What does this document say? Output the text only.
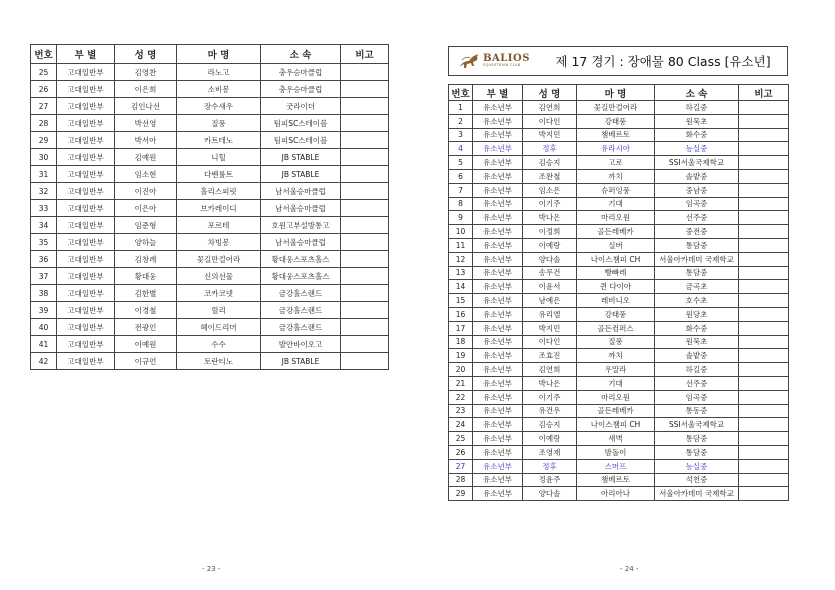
번호	부 별	성 명	마 명	소 속	비고
25	고대일반부	김영찬	라노고	충우승마클럽	
26	고대일반부	이은희	소비봉	충우승마클럽	
27	고대일반부	김인나선	장수새우	굿라이더	
28	고대일반부	박선영	질풍	팀피SC스테이블	
29	고대일반부	박서아	카트테노	팀피SC스테이블	
30	고대일반부	김예원	니힐	JB STABLE	
31	고대일반부	임소현	다벤룰트	JB STABLE	
32	고대일반부	이진아	홀리스피릿	남서울승마클럽	
33	고대일반부	이은아	브카레이디	남서울승마클럽	
34	고대일반부	임준형	포르테	호원고부설방통고	
35	고대일반부	양하늘	차빙봉	남서울승마클럽	
36	고대일반부	김창례	꽃길만걸어라	황대웅스포츠홀스	
37	고대일반부	황대웅	신의선물	황대웅스포츠홀스	
38	고대일반부	김한별	코카코넷	금강홀스랜드	
39	고대일반부	이경철	릴리	금강홀스랜드	
40	고대일반부	전광인	헤이드리머	금강홀스랜드	
41	고대일반부	이예원	수수	발안바이오고	
42	고대일반부	이규언	토란티노	JB STABLE	
BALIOS
EQUESTRIAN CLUB	제 17 경기 : 장애물 80 Class [유소년]
번호	부 별	성 명	마 명	소 속	비고
1	유소년부	김연희	꽃길만걸어라	하길중	
2	유소년부	이다인	강태풍	원묵초	
3	유소년부	박지민	챔베르토	화수중	
4	유소년부	정후	유라시아	능실중	
5	유소년부	김승지	고로	SSI서울국제학교	
6	유소년부	조완철	까치	솔밭중	
7	유소년부	임소은	슈퍼잉풍	중남중	
8	유소년부	이기주	기대	임곡중	
9	유소년부	박나은	마리오원	선주중	
10	유소년부	이정희	골든레베카	중전중	
11	유소년부	이예랑	실버	통담중	
12	유소년부	양다솔	나이스챔피 CH	서울아카데미 국제학교	
13	유소년부	송무건	빵빠레	통담중	
14	유소년부	이윤서	퀸 다이아	금곡초	
15	유소년부	남예은	레비니오	호수초	
16	유소년부	유리엘	강태풍	원당초	
17	유소년부	박지민	골든컴퍼스	화수중	
18	유소년부	이다인	질풍	원묵초	
19	유소년부	조효진	까치	솔밭중	
20	유소년부	김연희	우말라	하길중	
21	유소년부	박나은	기대	선주중	
22	유소년부	이기주	마리오원	임곡중	
23	유소년부	유건우	골든레베카	통동중	
24	유소년부	김승지	나이스챔피 CH	SSI서울국제학교	
25	유소년부	이예랑	새벽	통담중	
26	유소년부	조영재	밤돌이	통담중	
27	유소년부	정후	스머프	능실중	
28	유소년부	정윤주	챔베르토	석천중	
29	유소년부	양다솔	아리아나	서울아카데미 국제학교	
- 23 -	- 24 -
